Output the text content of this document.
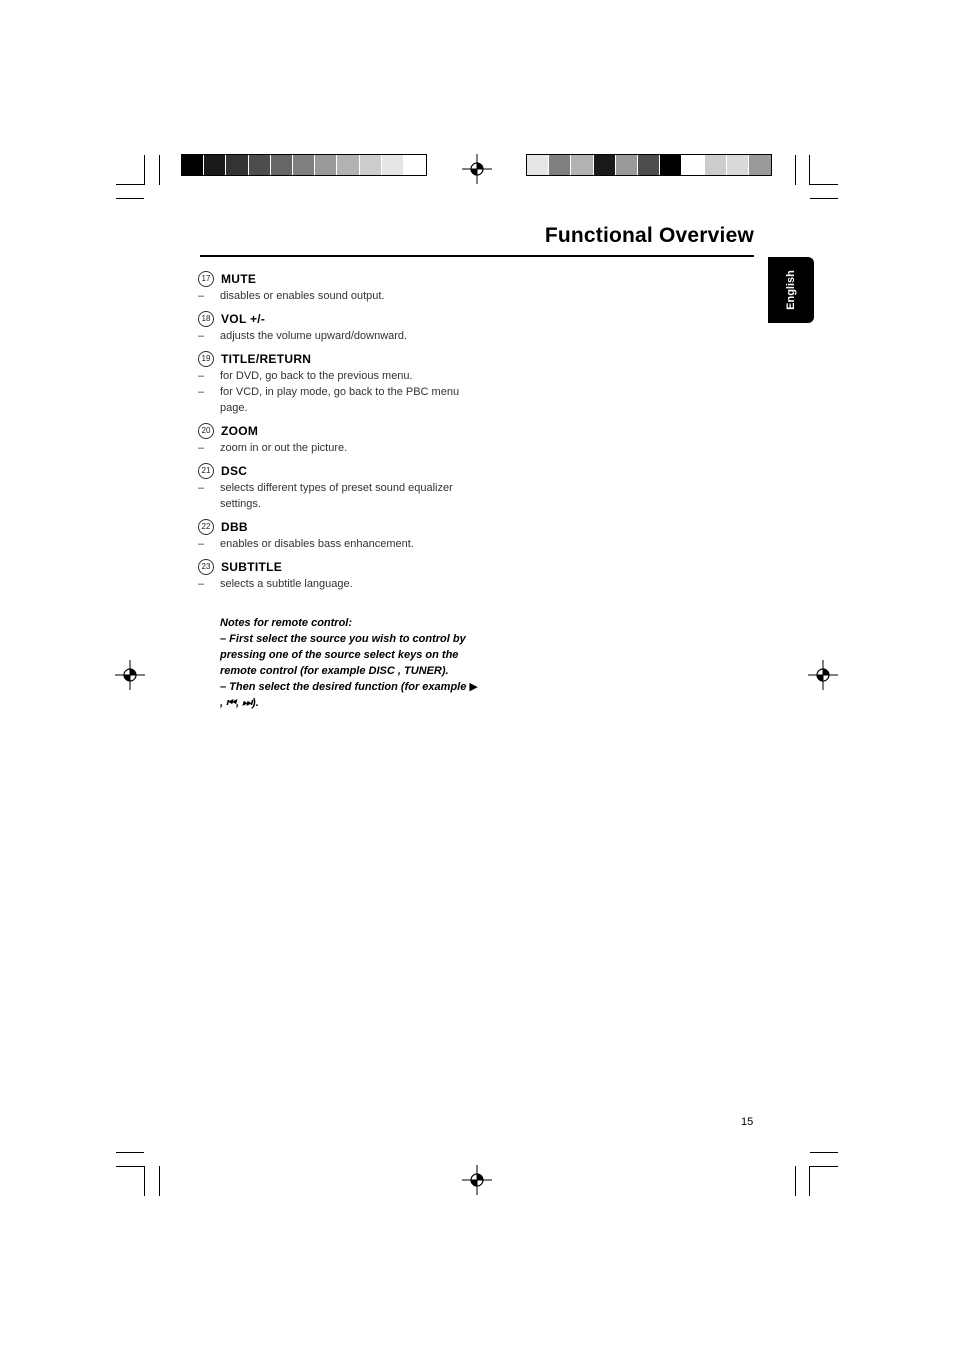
Functional Overview
English
17 MUTE
–	disables or enables sound output.
18 VOL +/-
–	adjusts the volume upward/downward.
19 TITLE/RETURN
–	for DVD, go back to the previous menu.
–	for VCD, in play mode, go back to the PBC menu page.
20 ZOOM
–	zoom in or out the picture.
21 DSC
–	selects different types of preset sound equalizer settings.
22 DBB
–	enables or disables bass enhancement.
23 SUBTITLE
–	selects a subtitle language.
Notes for remote control:
– First select the source you wish to control by pressing one of the source select keys on the remote control (for example DISC , TUNER).
– Then select the desired function (for example ▶ , ⏮, ⏭).
15
